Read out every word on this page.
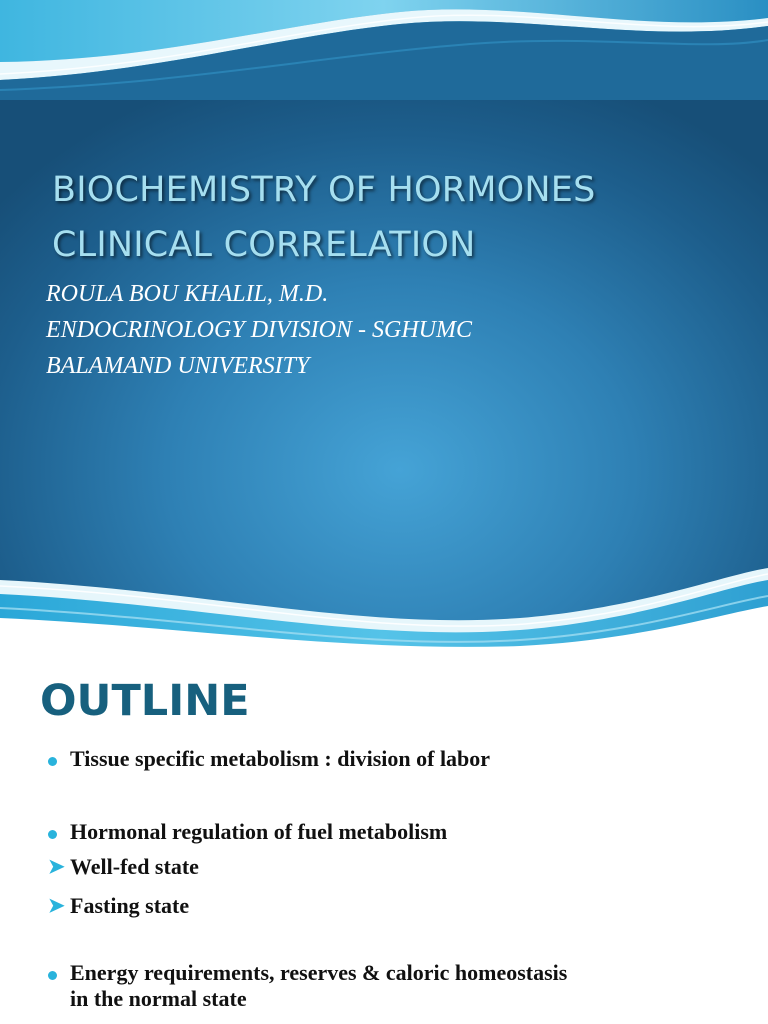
BIOCHEMISTRY OF HORMONES
CLINICAL CORRELATION

ROULA BOU KHALIL, M.D.
ENDOCRINOLOGY DIVISION - SGHUMC
BALAMAND UNIVERSITY

OUTLINE
Tissue specific metabolism : division of labor
Hormonal regulation of fuel metabolism
➤ Well-fed state
➤ Fasting state
Energy requirements, reserves & caloric homeostasis
in the normal state
